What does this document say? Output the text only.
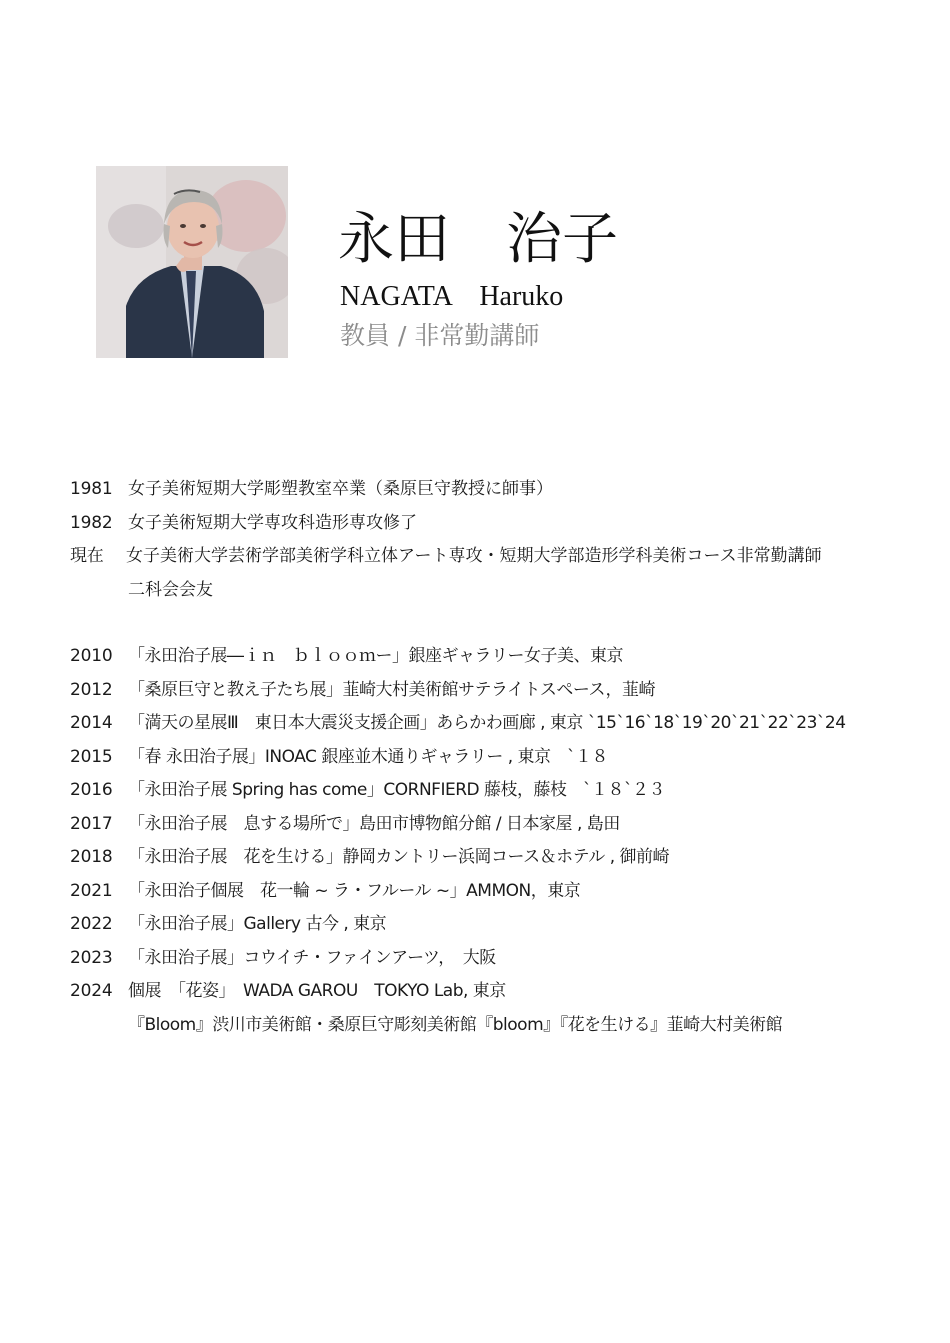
永田　治子
NAGATA　Haruko
教員 / 非常勤講師
1981 女子美術短期大学彫塑教室卒業（桑原巨守教授に師事）
1982 女子美術短期大学専攻科造形専攻修了
現在 女子美術大学芸術学部美術学科立体アート専攻・短期大学部造形学科美術コース非常勤講師
二科会会友
2010 「永田治子展―ｉｎ　ｂｌｏｏｍー」銀座ギャラリー女子美、東京
2012 「桑原巨守と教え子たち展」韮崎大村美術館サテライトスペース，韮崎
2014 「満天の星展Ⅲ　東日本大震災支援企画」あらかわ画廊 , 東京 `15`16`18`19`20`21`22`23`24
2015 「春 永田治子展」INOAC 銀座並木通りギャラリー , 東京　`１８
2016 「永田治子展 Spring has come」CORNFIERD 藤枝，藤枝　`１８`２３
2017 「永田治子展　息する場所で」島田市博物館分館 / 日本家屋 , 島田
2018 「永田治子展　花を生ける」静岡カントリー浜岡コース＆ホテル , 御前崎
2021 「永田治子個展　花一輪 ~ ラ・フルール ~」AMMON，東京
2022 「永田治子展」Gallery 古今 , 東京
2023 「永田治子展」コウイチ・ファインアーツ，　大阪
2024 個展　「花姿」　WADA GAROU　TOKYO Lab, 東京
『Bloom』渋川市美術館・桑原巨守彫刻美術館『bloom』『花を生ける』韮崎大村美術館
